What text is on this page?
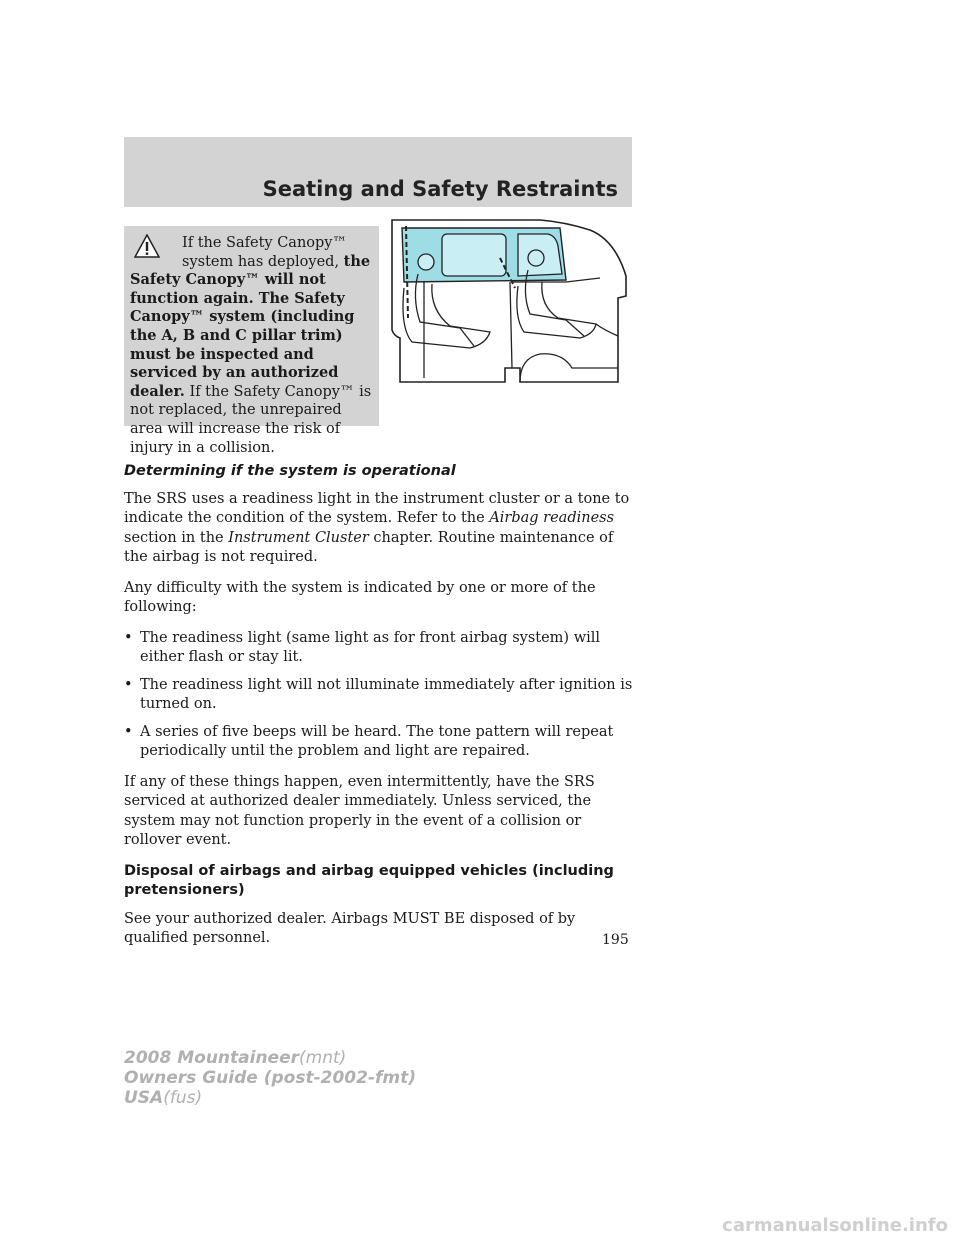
Seating and Safety Restraints
If the Safety Canopy™
system has deployed, the
Safety Canopy™ will not function again. The Safety Canopy™ system (including the A, B and C pillar trim) must be inspected and serviced by an authorized dealer. If the Safety Canopy™ is not replaced, the unrepaired area will increase the risk of injury in a collision.
Determining if the system is operational

The SRS uses a readiness light in the instrument cluster or a tone to indicate the condition of the system. Refer to the Airbag readiness section in the Instrument Cluster chapter. Routine maintenance of the airbag is not required.

Any difficulty with the system is indicated by one or more of the following:

• The readiness light (same light as for front airbag system) will either flash or stay lit.
• The readiness light will not illuminate immediately after ignition is turned on.
• A series of five beeps will be heard. The tone pattern will repeat periodically until the problem and light are repaired.

If any of these things happen, even intermittently, have the SRS serviced at authorized dealer immediately. Unless serviced, the system may not function properly in the event of a collision or rollover event.

Disposal of airbags and airbag equipped vehicles (including pretensioners)

See your authorized dealer. Airbags MUST BE disposed of by qualified personnel.	195
2008 Mountaineer(mnt)
Owners Guide (post-2002-fmt)
USA(fus)
carmanualsonline.info
